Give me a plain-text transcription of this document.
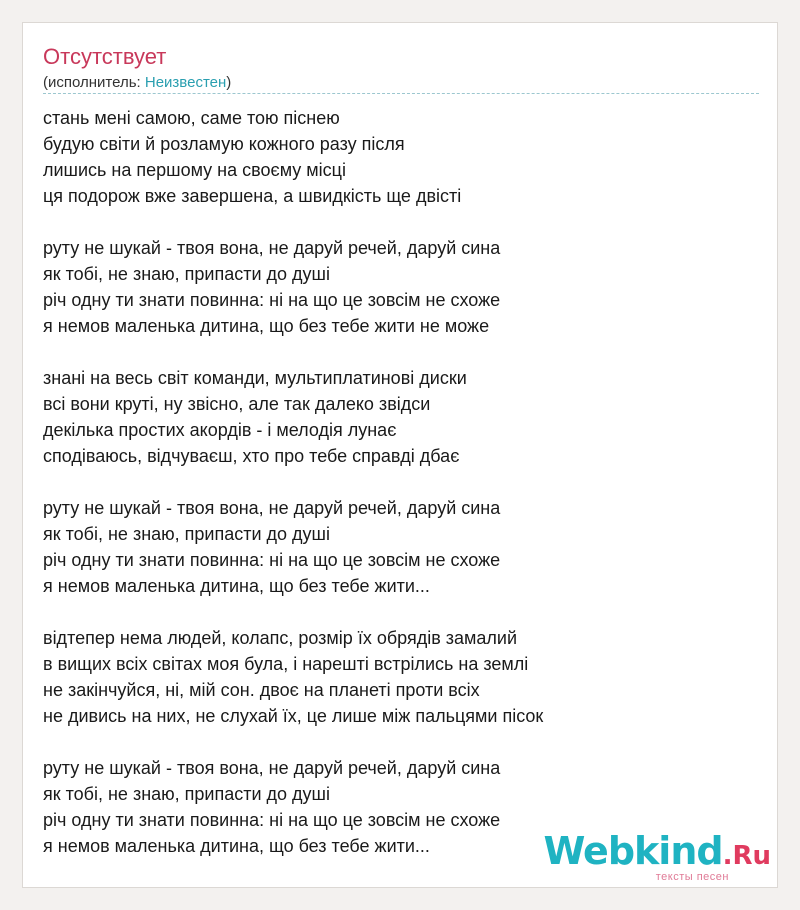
Отсутствует
(исполнитель: Неизвестен)
стань мені самою, саме тою піснею
будую світи й розламую кожного разу після
лишись на першому на своєму місці
ця подорож вже завершена, а швидкість ще двісті
руту не шукай - твоя вона, не даруй речей, даруй сина
як тобі, не знаю, припасти до душі
річ одну ти знати повинна: ні на що це зовсім не схоже
я немов маленька дитина, що без тебе жити не може
знані на весь світ команди, мультиплатинові диски
всі вони круті, ну звісно, але так далеко звідси
декілька простих акордів - і мелодія лунає
сподіваюсь, відчуваєш, хто про тебе справді дбає
руту не шукай - твоя вона, не даруй речей, даруй сина
як тобі, не знаю, припасти до душі
річ одну ти знати повинна: ні на що це зовсім не схоже
я немов маленька дитина, що без тебе жити...
відтепер нема людей, колапс, розмір їх обрядів замалий
в вищих всіх світах моя була, і нарешті встрілись на землі
не закінчуйся, ні, мій сон. двоє на планеті проти всіх
не дивись на них, не слухай їх, це лише між пальцями пісок
руту не шукай - твоя вона, не даруй речей, даруй сина
як тобі, не знаю, припасти до душі
річ одну ти знати повинна: ні на що це зовсім не схоже
я немов маленька дитина, що без тебе жити...	Webkind.Ru
тексты песен
